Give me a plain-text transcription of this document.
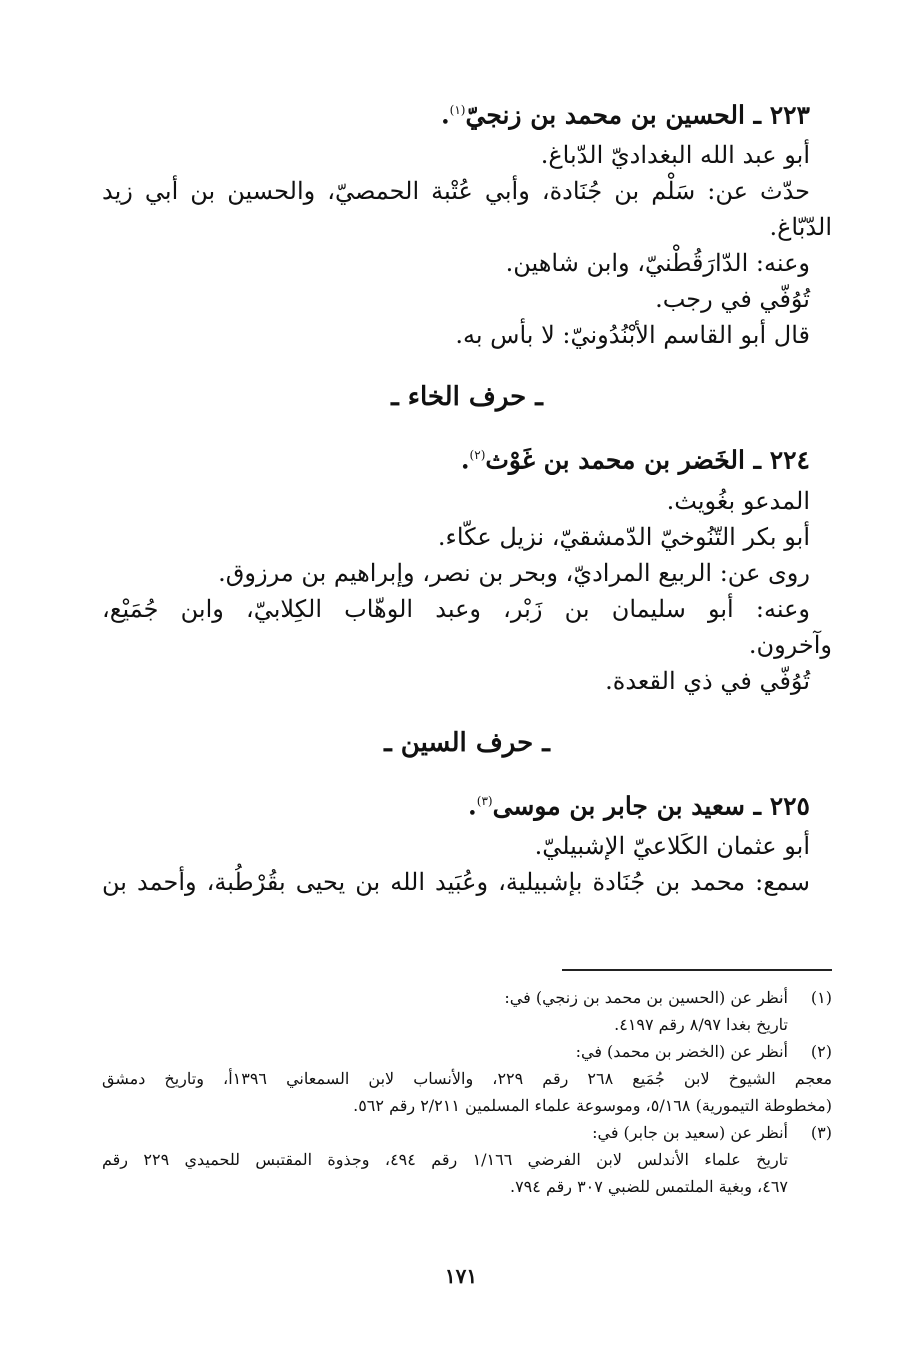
٢٢٣ ـ الحسين بن محمد بن زنجيّ$^{(١)}$.

أبو عبد الله البغداديّ الدّباغ.

حدّث عن: سَلْم بن جُنَادة، وأبي عُتْبة الحمصيّ، والحسين بن أبي زيد

الدّبّاغ.

وعنه: الدّارَقُطْنيّ، وابن شاهين.

تُوُفّي في رجب.

قال أبو القاسم الأبْنُدُونيّ: لا بأس به.

ـ حرف الخاء ـ
٢٢٤ ـ الخَضر بن محمد بن غَوْث$^{(٢)}$.

المدعو بغُويث.

أبو بكر التّنُوخيّ الدّمشقيّ، نزيل عكّاء.

روى عن: الربيع المراديّ، وبحر بن نصر، وإبراهيم بن مرزوق.

وعنه: أبو سليمان بن زَبْر، وعبد الوهّاب الكِلابيّ، وابن جُمَيْع،

وآخرون.

تُوُفّي في ذي القعدة.

ـ حرف السين ـ
٢٢٥ ـ سعيد بن جابر بن موسى$^{(٣)}$.

أبو عثمان الكَلاعيّ الإشبيليّ.

سمع: محمد بن جُنَادة بإشبيلية، وعُبَيد الله بن يحيى بقُرْطُبة، وأحمد بن

(١)

أنظر عن (الحسين بن محمد بن زنجي) في:

تاريخ بغدا ٨/٩٧ رقم ٤١٩٧.

(٢)

أنظر عن (الخضر بن محمد) في:

معجم الشيوخ لابن جُمَيع ٢٦٨ رقم ٢٢٩، والأنساب لابن السمعاني ١٣٩٦أ، وتاريخ دمشق

(مخطوطة التيمورية) ٥/١٦٨، وموسوعة علماء المسلمين ٢/٢١١ رقم ٥٦٢.

(٣)

أنظر عن (سعيد بن جابر) في:

تاريخ علماء الأندلس لابن الفرضي ١/١٦٦ رقم ٤٩٤، وجذوة المقتبس للحميدي ٢٢٩ رقم

٤٦٧، وبغية الملتمس للضبي ٣٠٧ رقم ٧٩٤.

١٧١
